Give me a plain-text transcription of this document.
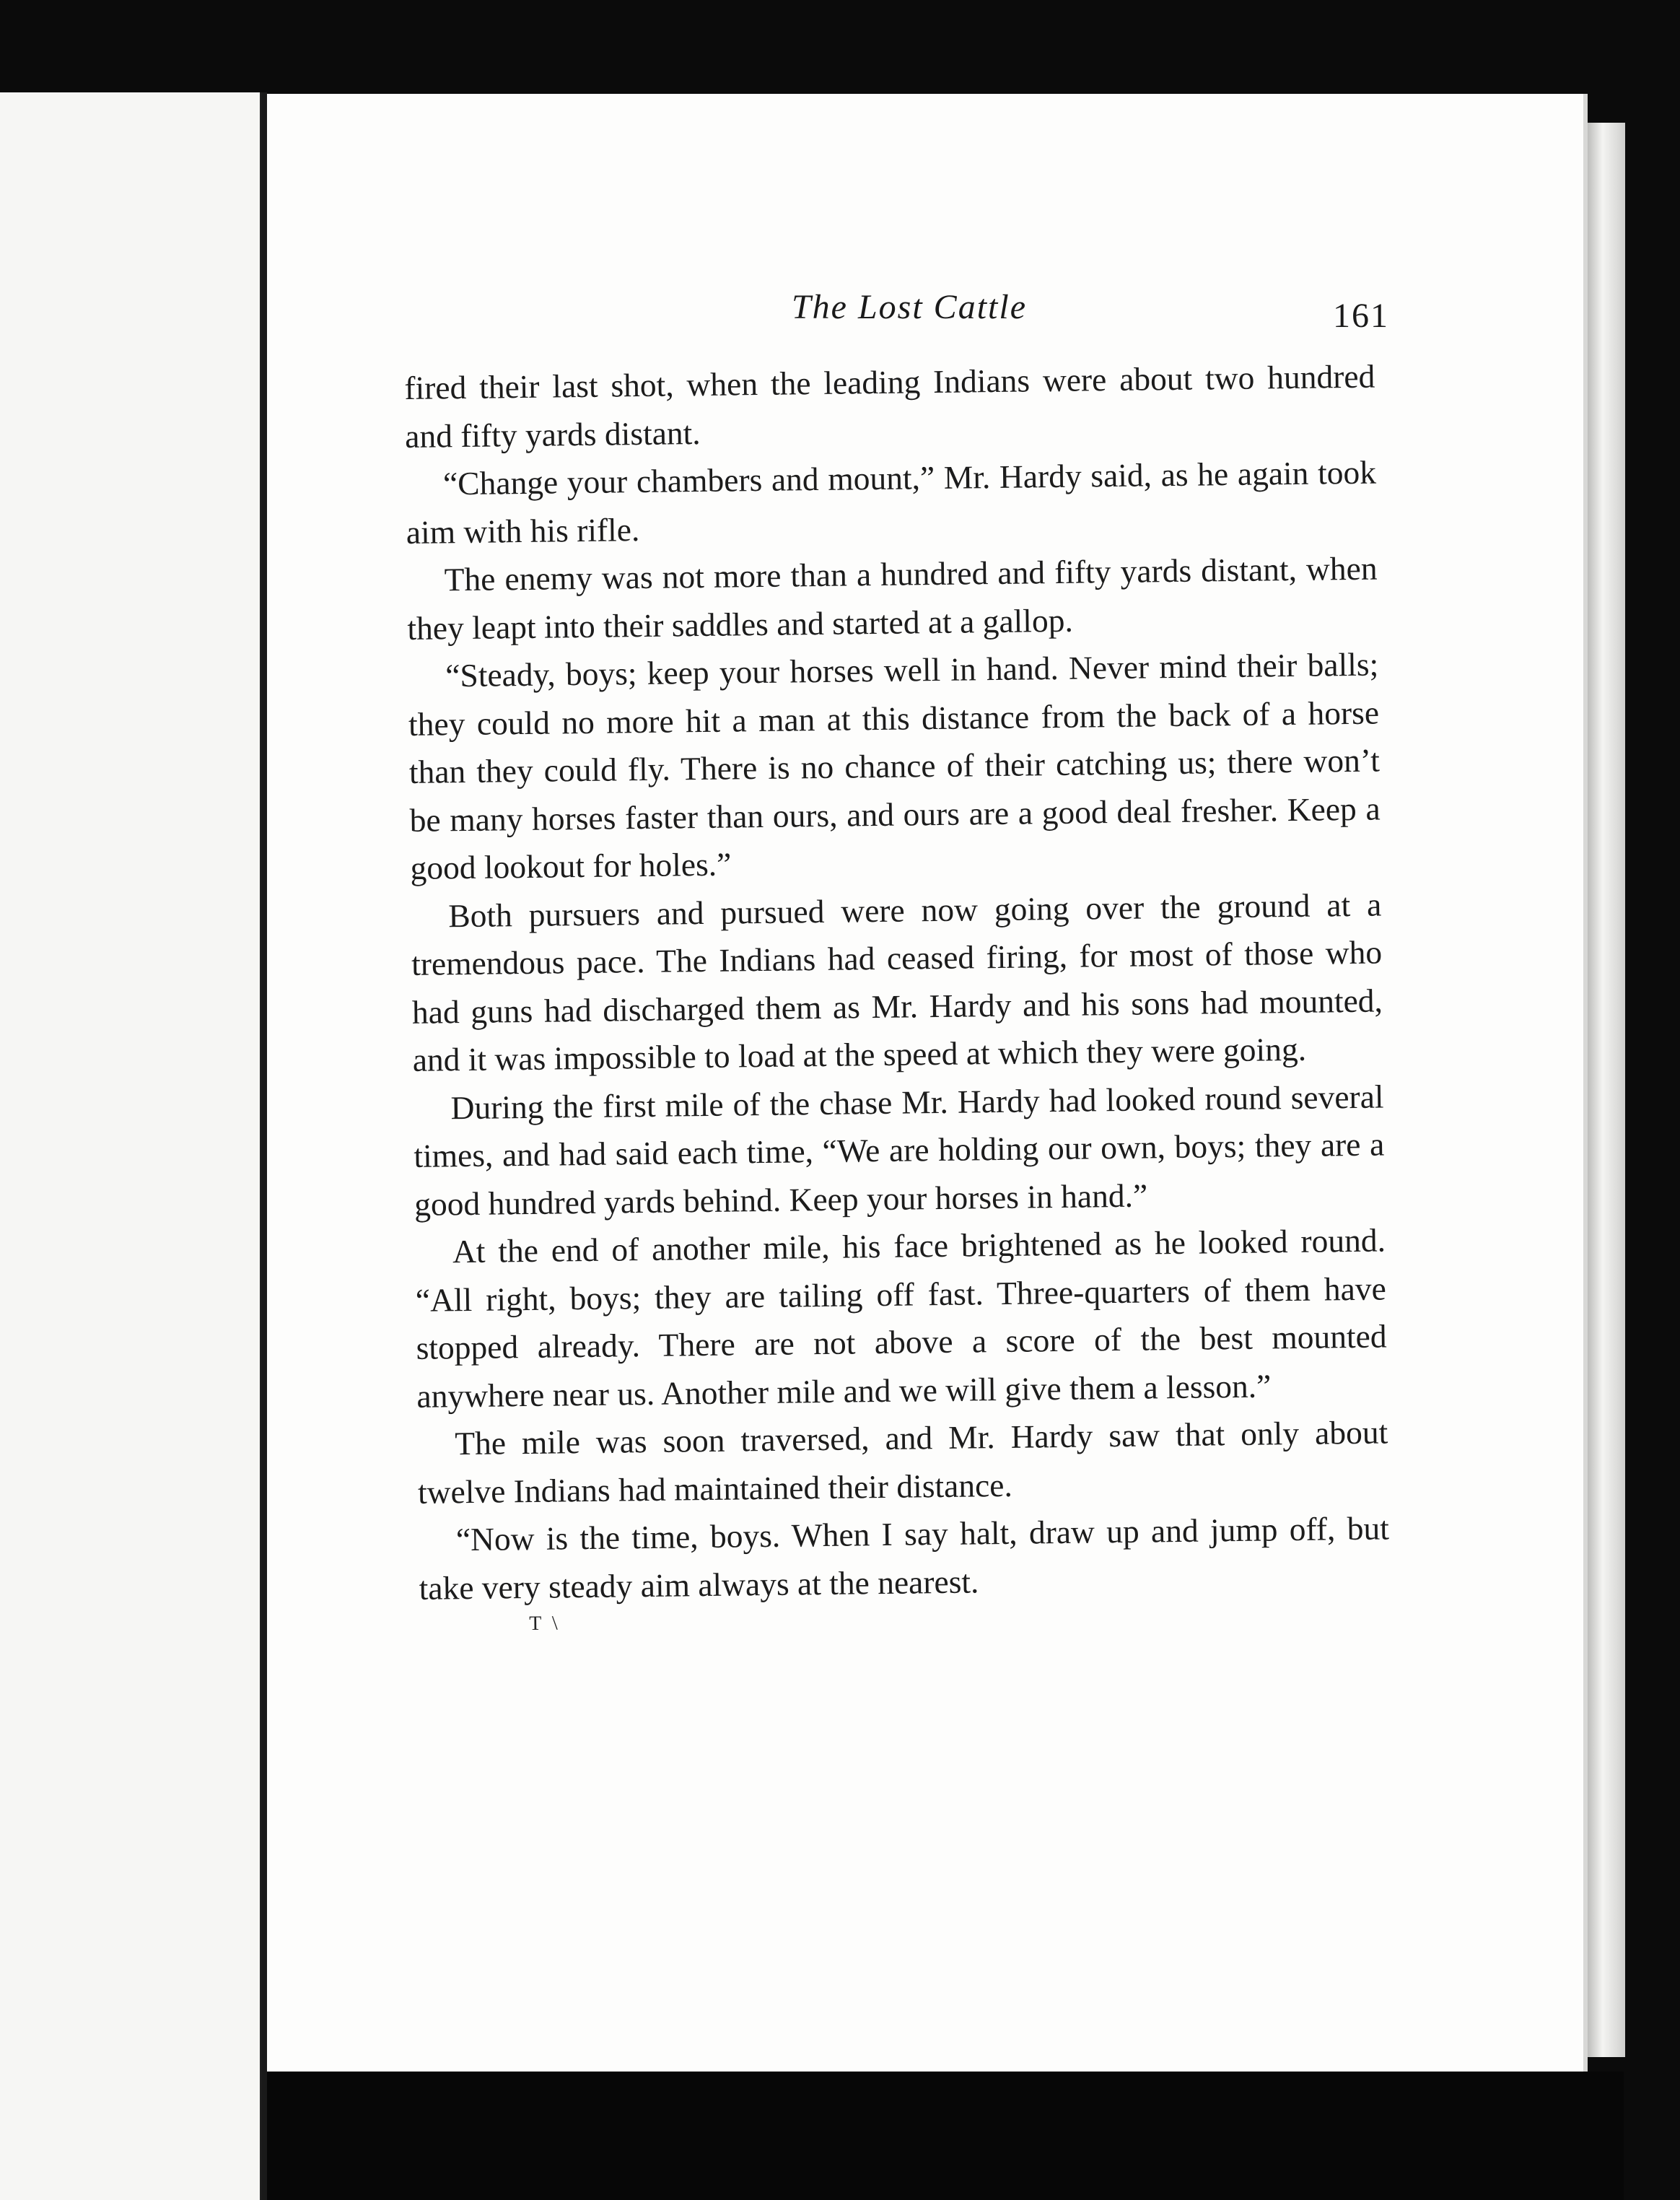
The Lost Cattle	161

fired their last shot, when the leading Indians were about two hundred and fifty yards distant.

“Change your chambers and mount,” Mr. Hardy said, as he again took aim with his rifle.

The enemy was not more than a hundred and fifty yards distant, when they leapt into their saddles and started at a gallop.

“Steady, boys; keep your horses well in hand. Never mind their balls; they could no more hit a man at this distance from the back of a horse than they could fly. There is no chance of their catching us; there won’t be many horses faster than ours, and ours are a good deal fresher. Keep a good lookout for holes.”

Both pursuers and pursued were now going over the ground at a tremendous pace. The Indians had ceased firing, for most of those who had guns had discharged them as Mr. Hardy and his sons had mounted, and it was impossible to load at the speed at which they were going.

During the first mile of the chase Mr. Hardy had looked round several times, and had said each time, “We are holding our own, boys; they are a good hundred yards behind. Keep your horses in hand.”

At the end of another mile, his face brightened as he looked round. “All right, boys; they are tailing off fast. Three-quarters of them have stopped already. There are not above a score of the best mounted anywhere near us. Another mile and we will give them a lesson.”

The mile was soon traversed, and Mr. Hardy saw that only about twelve Indians had maintained their distance.

“Now is the time, boys. When I say halt, draw up and jump off, but take very steady aim always at the nearest.

T \
